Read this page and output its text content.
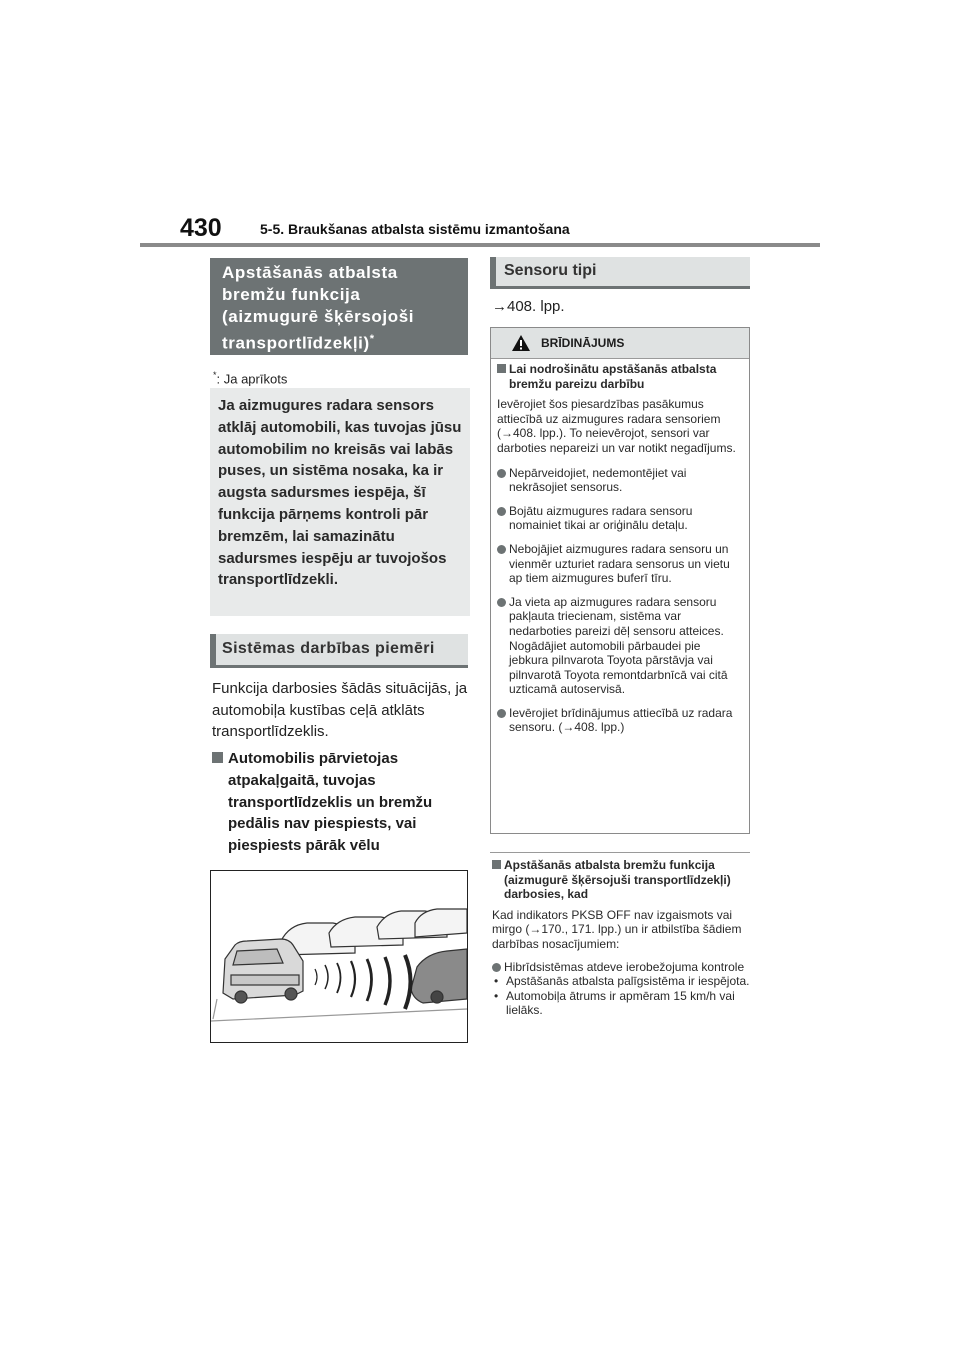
430	5-5. Braukšanas atbalsta sistēmu izmantošana
Apstāšanās atbalsta bremžu funkcija (aizmugurē šķērsojoši transportlīdzekļi)*
*: Ja aprīkots
Ja aizmugures radara sensors atklāj automobili, kas tuvojas jūsu automobilim no kreisās vai labās puses, un sistēma nosaka, ka ir augsta sadursmes iespēja, šī funkcija pārņems kontroli pār bremzēm, lai samazinātu sadursmes iespēju ar tuvojošos transportlīdzekli.
Sistēmas darbības piemēri
Funkcija darbosies šādās situācijās, ja automobiļa kustības ceļā atklāts transportlīdzeklis.
Automobilis pārvietojas atpakaļgaitā, tuvojas transportlīdzeklis un bremžu pedālis nav piespiests, vai piespiests pārāk vēlu
Sensoru tipi
→408. lpp.
BRĪDINĀJUMS
Lai nodrošinātu apstāšanās atbalsta bremžu pareizu darbību
Ievērojiet šos piesardzības pasākumus attiecībā uz aizmugures radara sensoriem (→408. lpp.). To neievērojot, sensori var darboties nepareizi un var notikt negadījums.
Nepārveidojiet, nedemontējiet vai nekrāsojiet sensorus.
Bojātu aizmugures radara sensoru nomainiet tikai ar oriģinālu detaļu.
Nebojājiet aizmugures radara sensoru un vienmēr uzturiet radara sensorus un vietu ap tiem aizmugures buferī tīru.
Ja vieta ap aizmugures radara sensoru pakļauta triecienam, sistēma var nedarboties pareizi dēļ sensoru atteices. Nogādājiet automobili pārbaudei pie jebkura pilnvarota Toyota pārstāvja vai pilnvarotā Toyota remontdarbnīcā vai citā uzticamā autoservisā.
Ievērojiet brīdinājumus attiecībā uz radara sensoru. (→408. lpp.)
Apstāšanās atbalsta bremžu funkcija (aizmugurē šķērsojuši transportlīdzekļi) darbosies, kad
Kad indikators PKSB OFF nav izgaismots vai mirgo (→170., 171. lpp.) un ir atbilstība šādiem darbības nosacījumiem:
Hibrīdsistēmas atdeve ierobežojuma kontrole
• Apstāšanās atbalsta palīgsistēma ir iespējota.
• Automobiļa ātrums ir apmēram 15 km/h vai lielāks.
